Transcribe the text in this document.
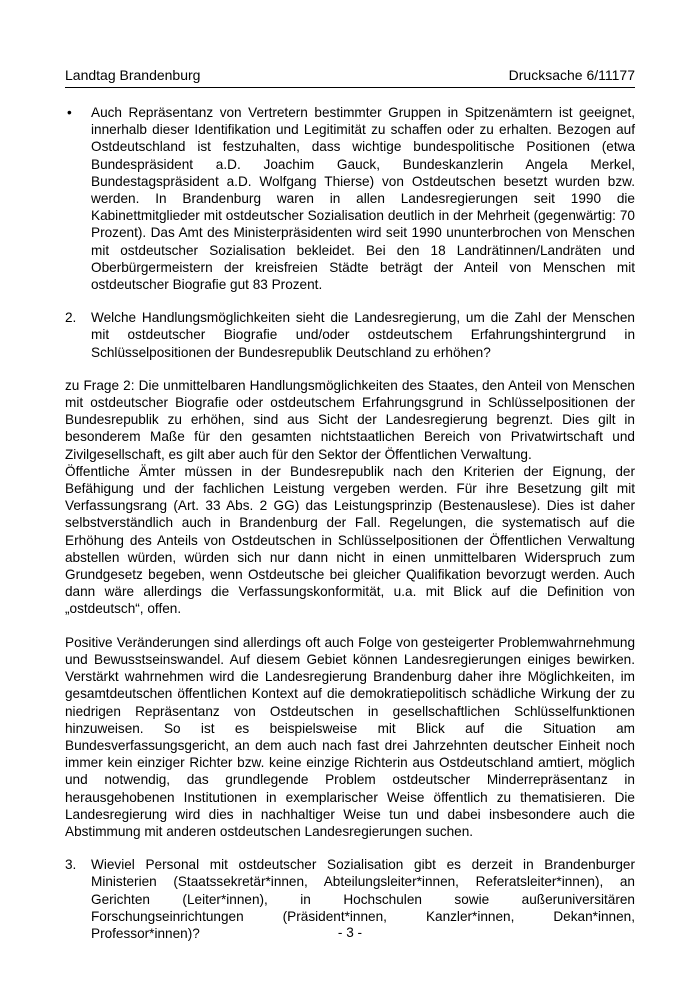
Landtag Brandenburg	Drucksache 6/11177
• Auch Repräsentanz von Vertretern bestimmter Gruppen in Spitzenämtern ist geeignet, innerhalb dieser Identifikation und Legitimität zu schaffen oder zu erhalten. Bezogen auf Ostdeutschland ist festzuhalten, dass wichtige bundespolitische Positionen (etwa Bundespräsident a.D. Joachim Gauck, Bundeskanzlerin Angela Merkel, Bundestagspräsident a.D. Wolfgang Thierse) von Ostdeutschen besetzt wurden bzw. werden. In Brandenburg waren in allen Landesregierungen seit 1990 die Kabinettmitglieder mit ostdeutscher Sozialisation deutlich in der Mehrheit (gegenwärtig: 70 Prozent). Das Amt des Ministerpräsidenten wird seit 1990 ununterbrochen von Menschen mit ostdeutscher Sozialisation bekleidet. Bei den 18 Landrätinnen/Landräten und Oberbürgermeistern der kreisfreien Städte beträgt der Anteil von Menschen mit ostdeutscher Biografie gut 83 Prozent.

2. Welche Handlungsmöglichkeiten sieht die Landesregierung, um die Zahl der Menschen mit ostdeutscher Biografie und/oder ostdeutschem Erfahrungshintergrund in Schlüsselpositionen der Bundesrepublik Deutschland zu erhöhen?

zu Frage 2: Die unmittelbaren Handlungsmöglichkeiten des Staates, den Anteil von Menschen mit ostdeutscher Biografie oder ostdeutschem Erfahrungsgrund in Schlüsselpositionen der Bundesrepublik zu erhöhen, sind aus Sicht der Landesregierung begrenzt. Dies gilt in besonderem Maße für den gesamten nichtstaatlichen Bereich von Privatwirtschaft und Zivilgesellschaft, es gilt aber auch für den Sektor der Öffentlichen Verwaltung.

Öffentliche Ämter müssen in der Bundesrepublik nach den Kriterien der Eignung, der Befähigung und der fachlichen Leistung vergeben werden. Für ihre Besetzung gilt mit Verfassungsrang (Art. 33 Abs. 2 GG) das Leistungsprinzip (Bestenauslese). Dies ist daher selbstverständlich auch in Brandenburg der Fall. Regelungen, die systematisch auf die Erhöhung des Anteils von Ostdeutschen in Schlüsselpositionen der Öffentlichen Verwaltung abstellen würden, würden sich nur dann nicht in einen unmittelbaren Widerspruch zum Grundgesetz begeben, wenn Ostdeutsche bei gleicher Qualifikation bevorzugt werden. Auch dann wäre allerdings die Verfassungskonformität, u.a. mit Blick auf die Definition von „ostdeutsch“, offen.

Positive Veränderungen sind allerdings oft auch Folge von gesteigerter Problemwahrnehmung und Bewusstseinswandel. Auf diesem Gebiet können Landesregierungen einiges bewirken. Verstärkt wahrnehmen wird die Landesregierung Brandenburg daher ihre Möglichkeiten, im gesamtdeutschen öffentlichen Kontext auf die demokratiepolitisch schädliche Wirkung der zu niedrigen Repräsentanz von Ostdeutschen in gesellschaftlichen Schlüsselfunktionen hinzuweisen. So ist es beispielsweise mit Blick auf die Situation am Bundesverfassungsgericht, an dem auch nach fast drei Jahrzehnten deutscher Einheit noch immer kein einziger Richter bzw. keine einzige Richterin aus Ostdeutschland amtiert, möglich und notwendig, das grundlegende Problem ostdeutscher Minderrepräsentanz in herausgehobenen Institutionen in exemplarischer Weise öffentlich zu thematisieren. Die Landesregierung wird dies in nachhaltiger Weise tun und dabei insbesondere auch die Abstimmung mit anderen ostdeutschen Landesregierungen suchen.

3. Wieviel Personal mit ostdeutscher Sozialisation gibt es derzeit in Brandenburger Ministerien (Staatssekretär*innen, Abteilungsleiter*innen, Referatsleiter*innen), an Gerichten (Leiter*innen), in Hochschulen sowie außeruniversitären Forschungseinrichtungen (Präsident*innen, Kanzler*innen, Dekan*innen, Professor*innen)?	- 3 -
